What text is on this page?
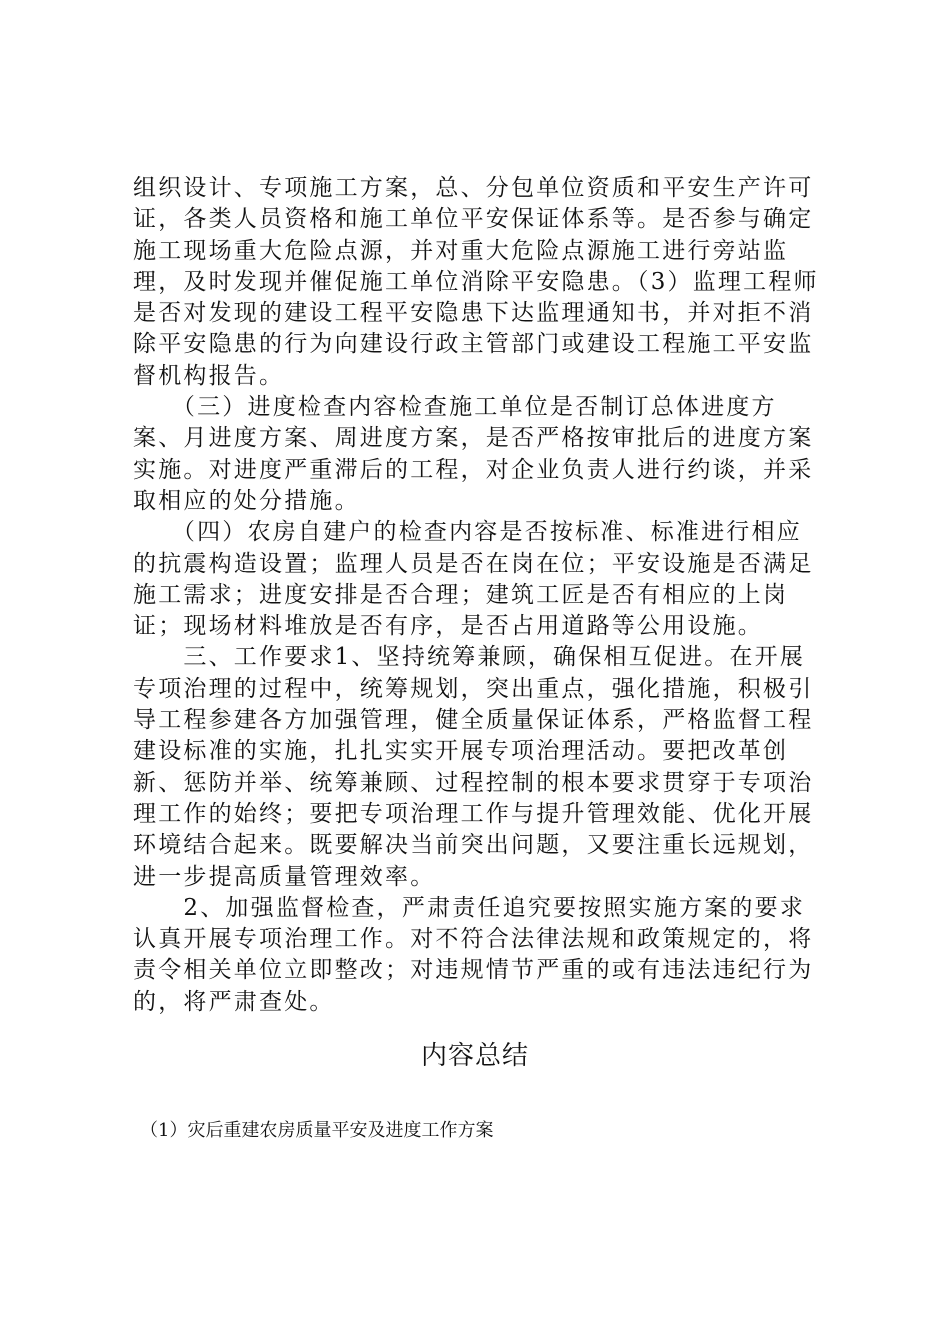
组织设计、专项施工方案，总、分包单位资质和平安生产许可证，各类人员资格和施工单位平安保证体系等。是否参与确定施工现场重大危险点源，并对重大危险点源施工进行旁站监理，及时发现并催促施工单位消除平安隐患。（3）监理工程师是否对发现的建设工程平安隐患下达监理通知书，并对拒不消除平安隐患的行为向建设行政主管部门或建设工程施工平安监督机构报告。

　　（三）进度检查内容检查施工单位是否制订总体进度方案、月进度方案、周进度方案，是否严格按审批后的进度方案实施。对进度严重滞后的工程，对企业负责人进行约谈，并采取相应的处分措施。

　　（四）农房自建户的检查内容是否按标准、标准进行相应的抗震构造设置；监理人员是否在岗在位；平安设施是否满足施工需求；进度安排是否合理；建筑工匠是否有相应的上岗证；现场材料堆放是否有序，是否占用道路等公用设施。

　　三、工作要求1、坚持统筹兼顾，确保相互促进。在开展专项治理的过程中，统筹规划，突出重点，强化措施，积极引导工程参建各方加强管理，健全质量保证体系，严格监督工程建设标准的实施，扎扎实实开展专项治理活动。要把改革创新、惩防并举、统筹兼顾、过程控制的根本要求贯穿于专项治理工作的始终；要把专项治理工作与提升管理效能、优化开展环境结合起来。既要解决当前突出问题，又要注重长远规划，进一步提高质量管理效率。

　　2、加强监督检查，严肃责任追究要按照实施方案的要求认真开展专项治理工作。对不符合法律法规和政策规定的，将责令相关单位立即整改；对违规情节严重的或有违法违纪行为的，将严肃查处。

内容总结
（1）灾后重建农房质量平安及进度工作方案
